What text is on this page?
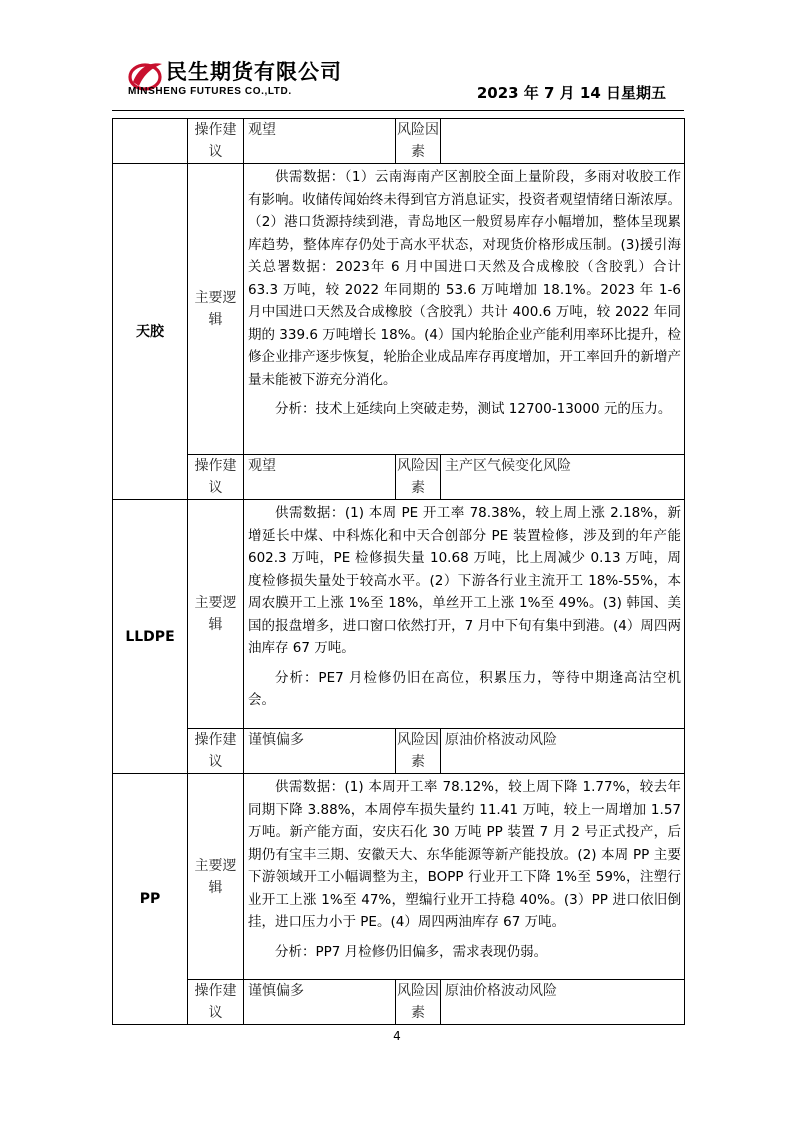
民生期货有限公司
MINSHENG FUTURES CO.,LTD.	2023 年 7 月 14 日星期五
	操作建议	观望	风险因素	

天胶	主要逻辑	供需数据：（1）云南海南产区割胶全面上量阶段，多雨对收胶工作有影响。收储传闻始终未得到官方消息证实，投资者观望情绪日渐浓厚。（2）港口货源持续到港，青岛地区一般贸易库存小幅增加，整体呈现累库趋势，整体库存仍处于高水平状态，对现货价格形成压制。(3)援引海关总署数据：2023年 6 月中国进口天然及合成橡胶（含胶乳）合计 63.3 万吨，较 2022 年同期的 53.6 万吨增加 18.1%。2023 年 1-6 月中国进口天然及合成橡胶（含胶乳）共计 400.6 万吨，较 2022 年同期的 339.6 万吨增长 18%。(4）国内轮胎企业产能利用率环比提升，检修企业排产逐步恢复，轮胎企业成品库存再度增加，开工率回升的新增产量未能被下游充分消化。

分析：技术上延续向上突破走势，测试 12700-13000 元的压力。		

	操作建议	观望	风险因素	主产区气候变化风险

LLDPE	主要逻辑	供需数据：(1) 本周 PE 开工率 78.38%，较上周上涨 2.18%，新增延长中煤、中科炼化和中天合创部分 PE 装置检修，涉及到的年产能 602.3 万吨，PE 检修损失量 10.68 万吨，比上周减少 0.13 万吨，周度检修损失量处于较高水平。(2）下游各行业主流开工 18%-55%，本周农膜开工上涨 1%至 18%，单丝开工上涨 1%至 49%。(3) 韩国、美国的报盘增多，进口窗口依然打开，7 月中下旬有集中到港。(4）周四两油库存 67 万吨。

分析：PE7 月检修仍旧在高位，积累压力，等待中期逢高沽空机会。		

	操作建议	谨慎偏多	风险因素	原油价格波动风险

PP	主要逻辑	供需数据：(1) 本周开工率 78.12%，较上周下降 1.77%，较去年同期下降 3.88%，本周停车损失量约 11.41 万吨，较上一周增加 1.57 万吨。新产能方面，安庆石化 30 万吨 PP 装置 7 月 2 号正式投产，后期仍有宝丰三期、安徽天大、东华能源等新产能投放。(2) 本周 PP 主要下游领域开工小幅调整为主，BOPP 行业开工下降 1%至 59%，注塑行业开工上涨 1%至 47%，塑编行业开工持稳 40%。(3）PP 进口依旧倒挂，进口压力小于 PE。(4）周四两油库存 67 万吨。

分析：PP7 月检修仍旧偏多，需求表现仍弱。		

	操作建议	谨慎偏多	风险因素	原油价格波动风险
4
